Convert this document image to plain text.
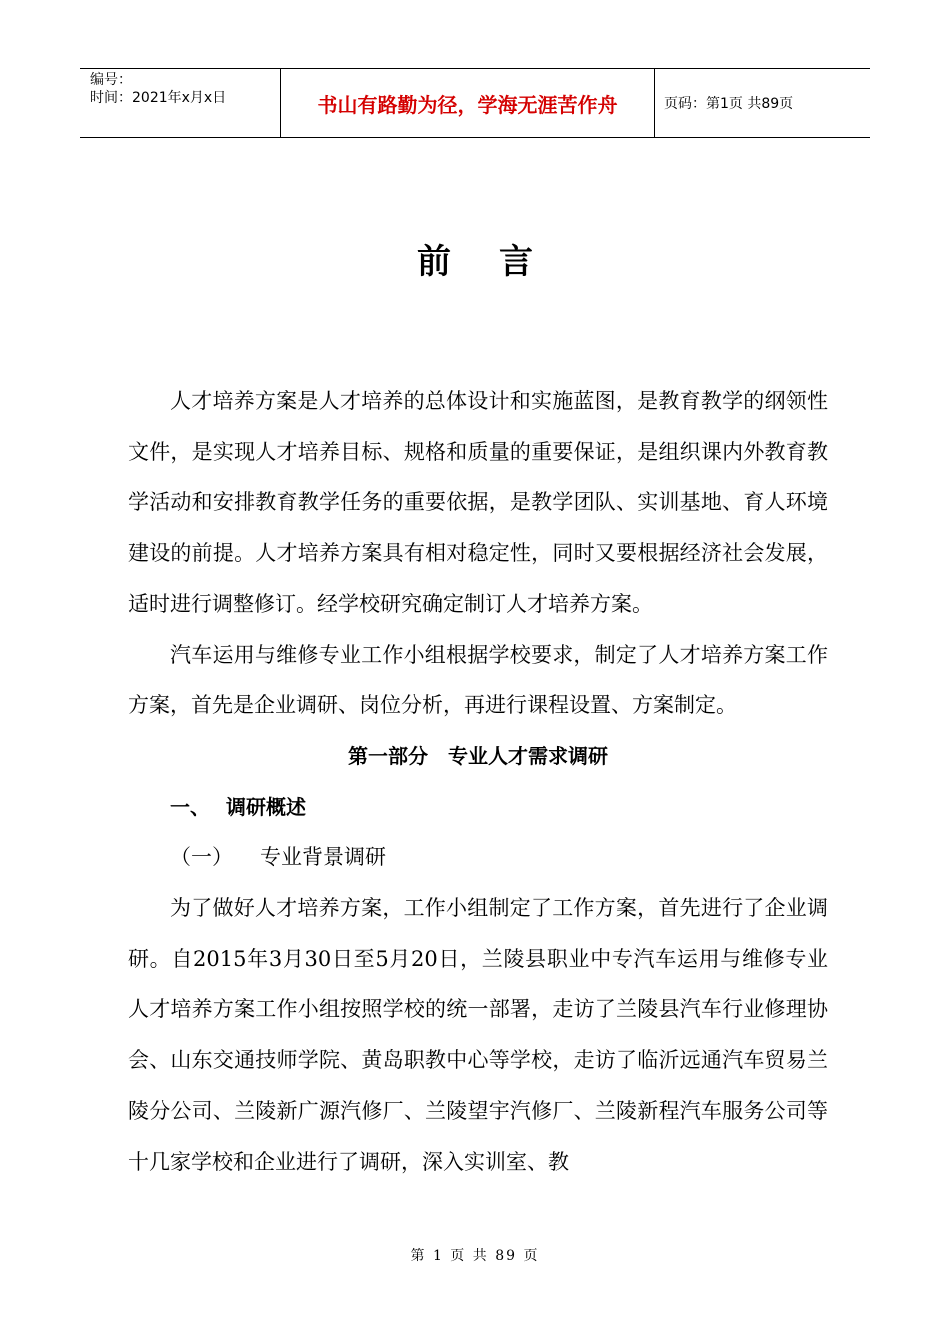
编号：
时间：2021年x月x日	书山有路勤为径，学海无涯苦作舟	页码：第1页 共89页
前言

人才培养方案是人才培养的总体设计和实施蓝图，是教育教学的纲领性文件，是实现人才培养目标、规格和质量的重要保证，是组织课内外教育教学活动和安排教育教学任务的重要依据，是教学团队、实训基地、育人环境建设的前提。人才培养方案具有相对稳定性，同时又要根据经济社会发展，适时进行调整修订。经学校研究确定制订人才培养方案。

汽车运用与维修专业工作小组根据学校要求，制定了人才培养方案工作方案，首先是企业调研、岗位分析，再进行课程设置、方案制定。

第一部分　专业人才需求调研

一、 调研概述

（一） 专业背景调研

为了做好人才培养方案，工作小组制定了工作方案，首先进行了企业调研。自2015年3月30日至5月20日，兰陵县职业中专汽车运用与维修专业人才培养方案工作小组按照学校的统一部署，走访了兰陵县汽车行业修理协会、山东交通技师学院、黄岛职教中心等学校，走访了临沂远通汽车贸易兰陵分公司、兰陵新广源汽修厂、兰陵望宇汽修厂、兰陵新程汽车服务公司等十几家学校和企业进行了调研，深入实训室、教

第 1 页 共 89 页
